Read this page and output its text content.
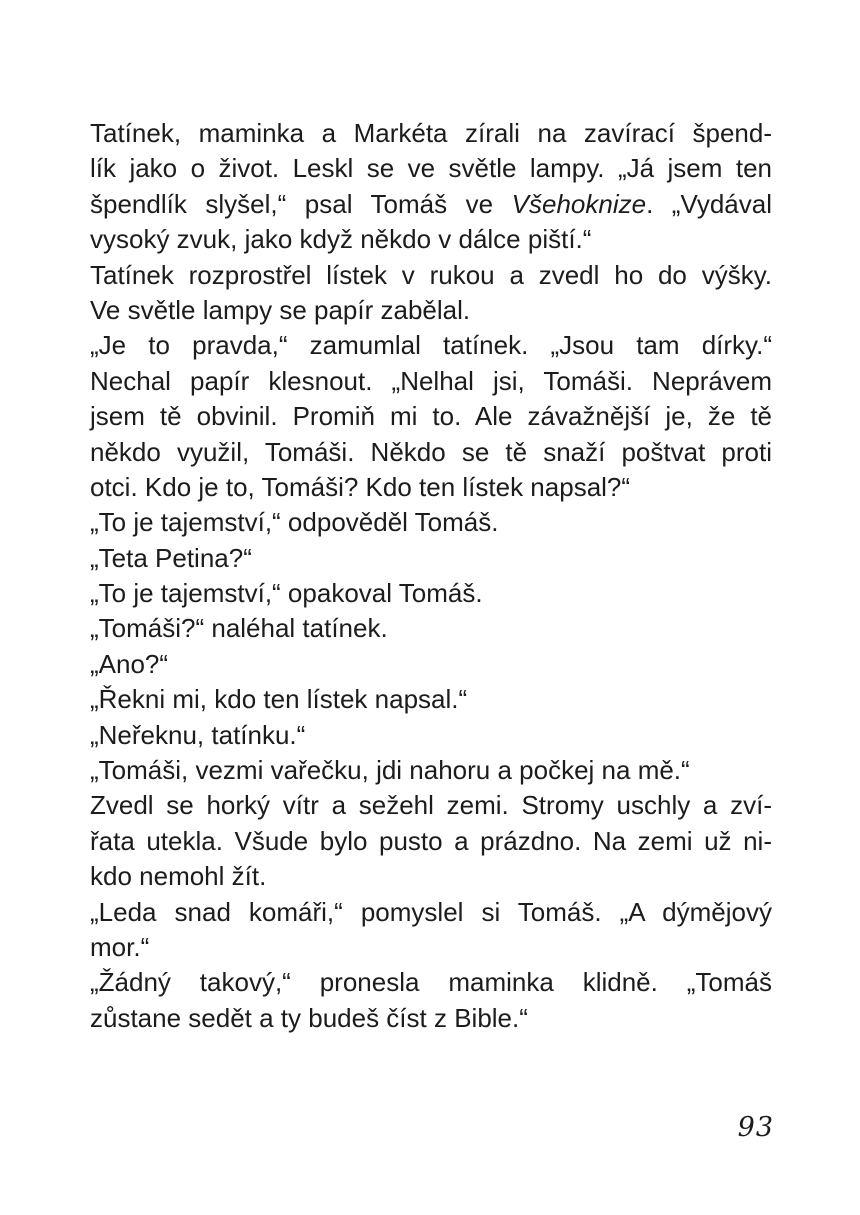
Tatínek, maminka a Markéta zírali na zavírací špend-
lík jako o život. Leskl se ve světle lampy. „Já jsem ten
špendlík slyšel,“ psal Tomáš ve Všehoknize. „Vydával
vysoký zvuk, jako když někdo v dálce piští.“
Tatínek rozprostřel lístek v rukou a zvedl ho do výšky.
Ve světle lampy se papír zabělal.
„Je to pravda,“ zamumlal tatínek. „Jsou tam dírky.“
Nechal papír klesnout. „Nelhal jsi, Tomáši. Neprávem
jsem tě obvinil. Promiň mi to. Ale závažnější je, že tě
někdo využil, Tomáši. Někdo se tě snaží poštvat proti
otci. Kdo je to, Tomáši? Kdo ten lístek napsal?“
„To je tajemství,“ odpověděl Tomáš.
„Teta Petina?“
„To je tajemství,“ opakoval Tomáš.
„Tomáši?“ naléhal tatínek.
„Ano?“
„Řekni mi, kdo ten lístek napsal.“
„Neřeknu, tatínku.“
„Tomáši, vezmi vařečku, jdi nahoru a počkej na mě.“
Zvedl se horký vítr a sežehl zemi. Stromy uschly a zví-
řata utekla. Všude bylo pusto a prázdno. Na zemi už ni-
kdo nemohl žít.
„Leda snad komáři,“ pomyslel si Tomáš. „A dýmějový
mor.“
„Žádný takový,“ pronesla maminka klidně. „Tomáš
zůstane sedět a ty budeš číst z Bible.“
93
